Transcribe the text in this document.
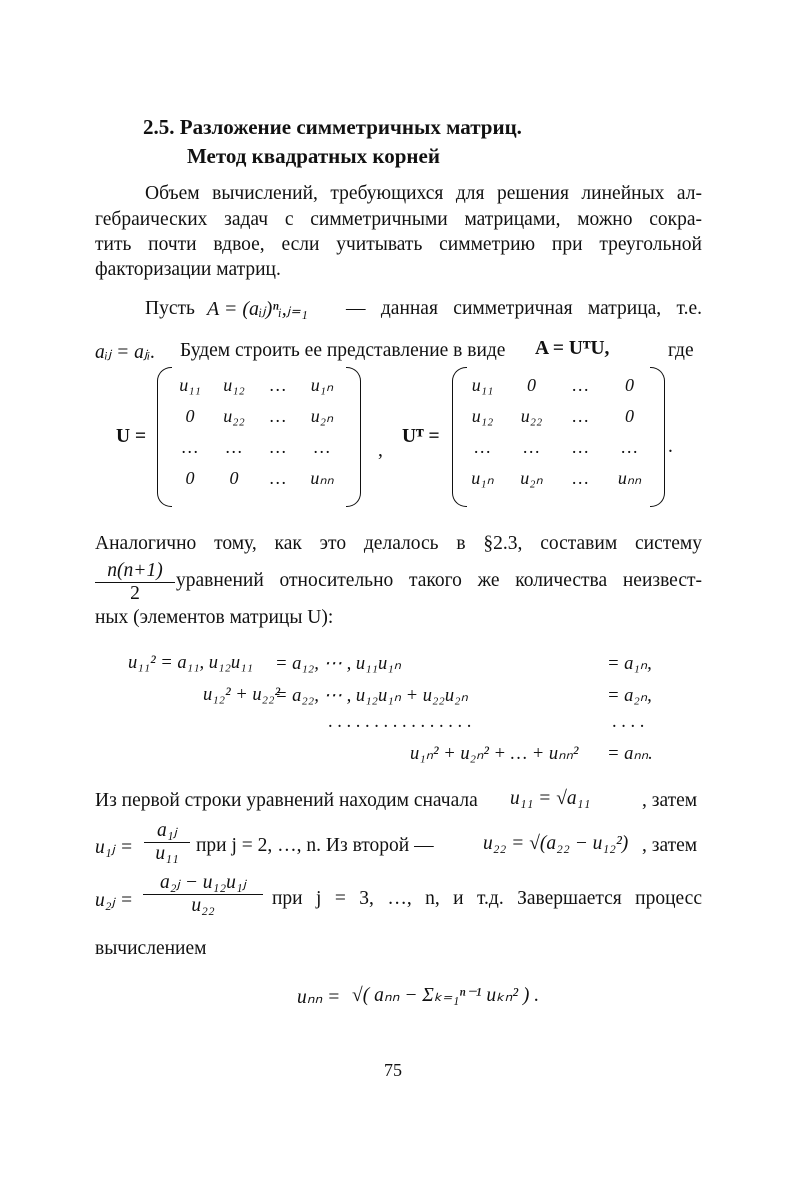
2.5. Разложение симметричных матриц.
Метод квадратных корней
Объем вычислений, требующихся для решения линейных ал-
гебраических задач с симметричными матрицами, можно сокра-
тить почти вдвое, если учитывать симметрию при треугольной
факторизации матриц.
Пусть A = (aᵢⱼ)ⁿᵢ,ⱼ₌₁ — данная симметричная матрица, т.е.
aᵢⱼ = aⱼᵢ. Будем строить ее представление в виде A = UᵀU,	где
U =
u₁₁ u₁₂ … u₁ₙ
0 u₂₂ … u₂ₙ
… … … …
0 0 … uₙₙ
,
Uᵀ =
u₁₁ 0 … 0
u₁₂ u₂₂ … 0
… … … …
u₁ₙ u₂ₙ … uₙₙ
.
Аналогично тому, как это делалось в §2.3, составим систему
$\frac{n(n+1)}{2}$ уравнений относительно такого же количества неизвест-
ных (элементов матрицы U):
u₁₁² = a₁₁, u₁₂u₁₁ = a₁₂, ⋯ , u₁₁u₁ₙ	= a₁ₙ,
u₁₂² + u₂₂²
= a₂₂, ⋯ , u₁₂u₁ₙ + u₂₂u₂ₙ	= a₂ₙ,
. . . . . . . . . . . . . . . .	. . . .
u₁ₙ² + u₂ₙ² + … + uₙₙ² = aₙₙ.
Из первой строки уравнений находим сначала u₁₁ = √a₁₁	, затем
u₁ⱼ = $\frac{\text{a₁ⱼ}}{\text{u₁₁}}$ при j = 2, …, n. Из второй —	u₂₂ = √(a₂₂ − u₁₂²) , затем
u₂ⱼ = $\frac{\text{a₂ⱼ − u₁₂u₁ⱼ}}{\text{u₂₂}}$ при j = 3, …, n, и т.д. Завершается процесс
вычислением
uₙₙ = √( aₙₙ − Σₖ₌₁ⁿ⁻¹ uₖₙ² ) .
75
